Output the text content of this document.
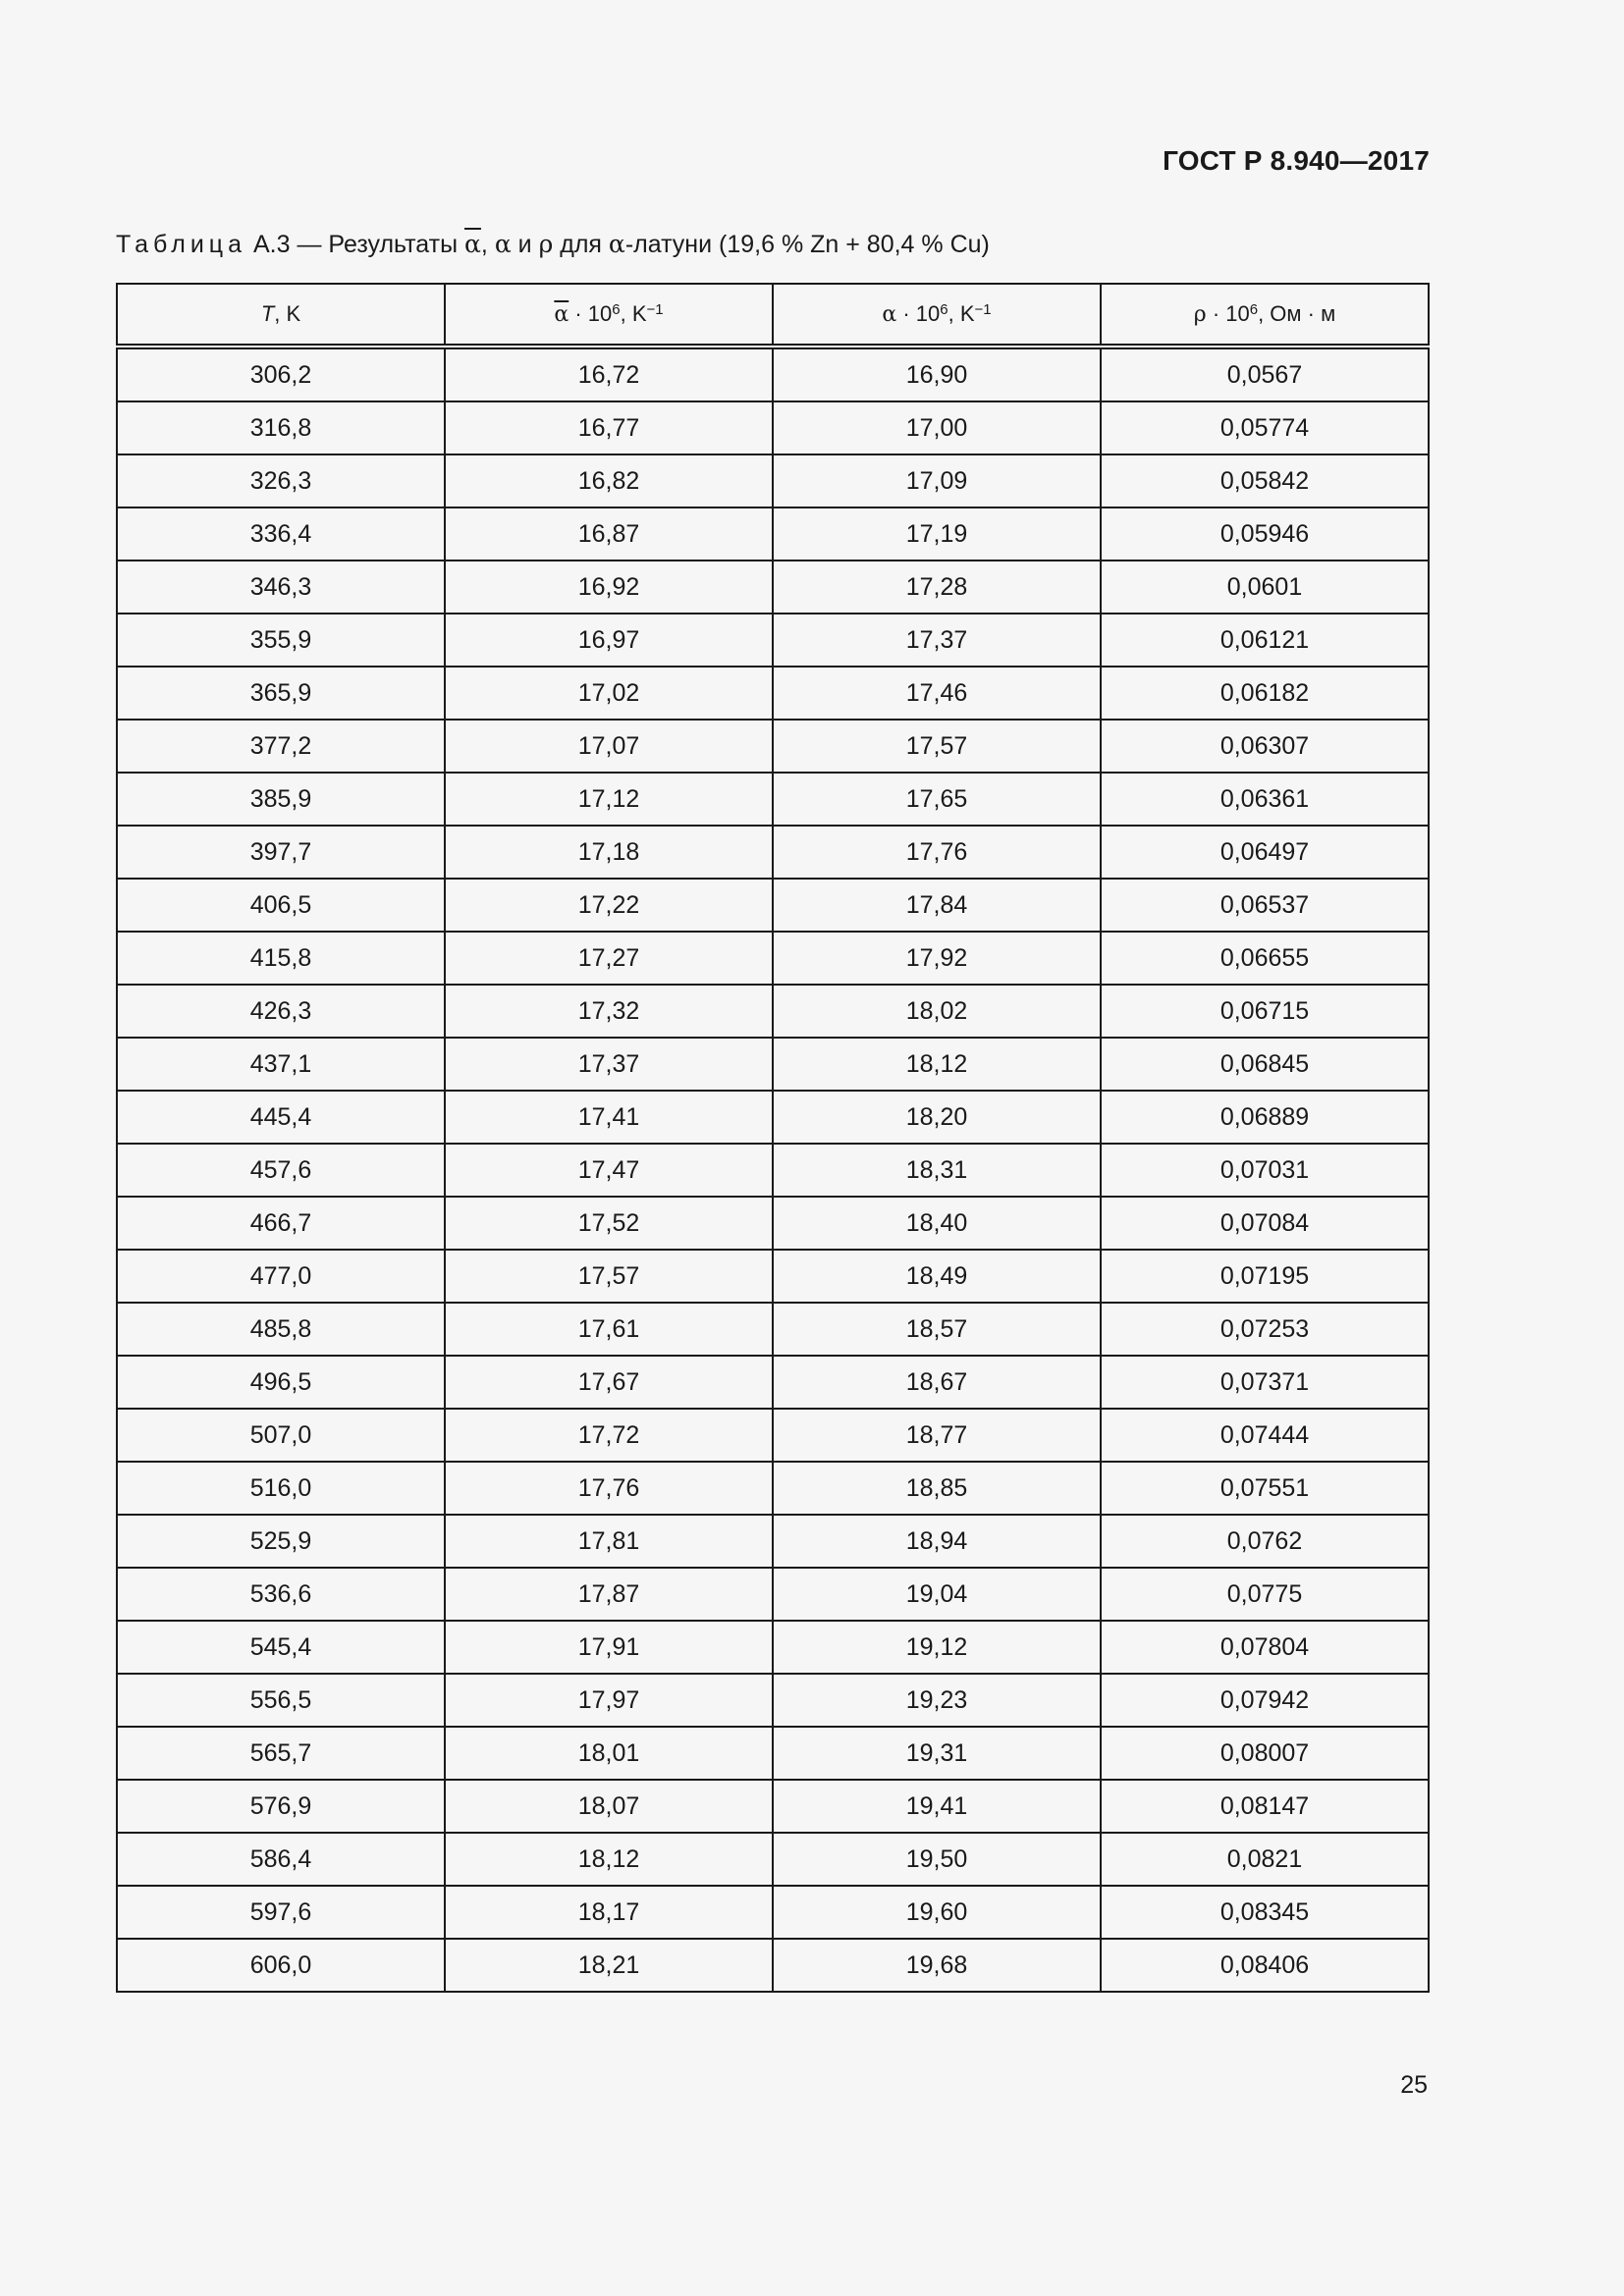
ГОСТ Р 8.940—2017
Таблица А.3 — Результаты $\overline{\alpha}$, α и ρ для α-латуни (19,6 % Zn + 80,4 % Cu)
T, K	$\overline{\alpha} \cdot 10^6$, $K^{-1}$	$\alpha \cdot 10^6$, $K^{-1}$	$\rho \cdot 10^6$, Ом · м
306,2	16,72	16,90	0,0567
316,8	16,77	17,00	0,05774
326,3	16,82	17,09	0,05842
336,4	16,87	17,19	0,05946
346,3	16,92	17,28	0,0601
355,9	16,97	17,37	0,06121
365,9	17,02	17,46	0,06182
377,2	17,07	17,57	0,06307
385,9	17,12	17,65	0,06361
397,7	17,18	17,76	0,06497
406,5	17,22	17,84	0,06537
415,8	17,27	17,92	0,06655
426,3	17,32	18,02	0,06715
437,1	17,37	18,12	0,06845
445,4	17,41	18,20	0,06889
457,6	17,47	18,31	0,07031
466,7	17,52	18,40	0,07084
477,0	17,57	18,49	0,07195
485,8	17,61	18,57	0,07253
496,5	17,67	18,67	0,07371
507,0	17,72	18,77	0,07444
516,0	17,76	18,85	0,07551
525,9	17,81	18,94	0,0762
536,6	17,87	19,04	0,0775
545,4	17,91	19,12	0,07804
556,5	17,97	19,23	0,07942
565,7	18,01	19,31	0,08007
576,9	18,07	19,41	0,08147
586,4	18,12	19,50	0,0821
597,6	18,17	19,60	0,08345
606,0	18,21	19,68	0,08406
25
